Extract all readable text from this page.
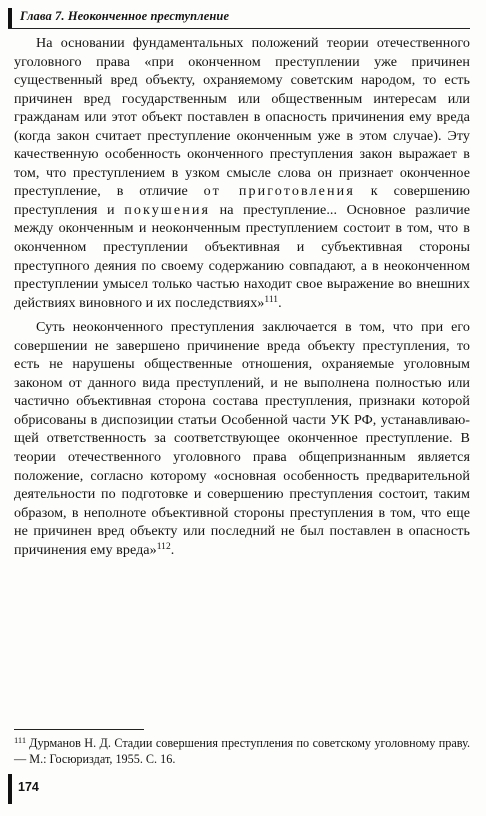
Глава 7. Неоконченное преступление

На основании фундаментальных положений теории отечественного уголовного права «при оконченном преступлении уже причинен существенный вред объекту, охраняемому советским народом, то есть причинен вред государственным или общественным интересам или гражданам или этот объект поставлен в опасность причинения ему вреда (когда закон считает преступление оконченным уже в этом случае). Эту качественную особенность оконченного преступления закон выражает в том, что преступлением в узком смысле слова он признает оконченное преступление, в отличие от приготовления к совершению преступления и покушения на преступление... Основное различие между оконченным и неоконченным преступлением состоит в том, что в оконченном преступлении объективная и субъективная стороны преступного деяния по своему содержанию совпадают, а в неоконченном преступлении умысел только частью находит свое выражение во внешних действиях виновного и их последствиях»$^{111}$.

Суть неоконченного преступления заключается в том, что при его совершении не завершено причинение вреда объекту преступления, то есть не нарушены общественные отношения, охраняемые уголовным законом от данного вида преступлений, и не выполнена полностью или частично объективная сторона состава преступления, признаки которой обрисованы в диспозиции статьи Особенной части УК РФ, устанавливающей ответственность за соответствующее оконченное преступление. В теории отечественного уголовного права общепризнанным является положение, согласно которому «основная особенность предварительной деятельности по подготовке и совершению преступления состоит, таким образом, в неполноте объективной стороны преступления в том, что еще не причинен вред объекту или последний не был поставлен в опасность причинения ему вреда»$^{112}$.

$^{111}$ Дурманов Н. Д. Стадии совершения преступления по советскому уголовному праву. — М.: Госюриздат, 1955. С. 16.

174
